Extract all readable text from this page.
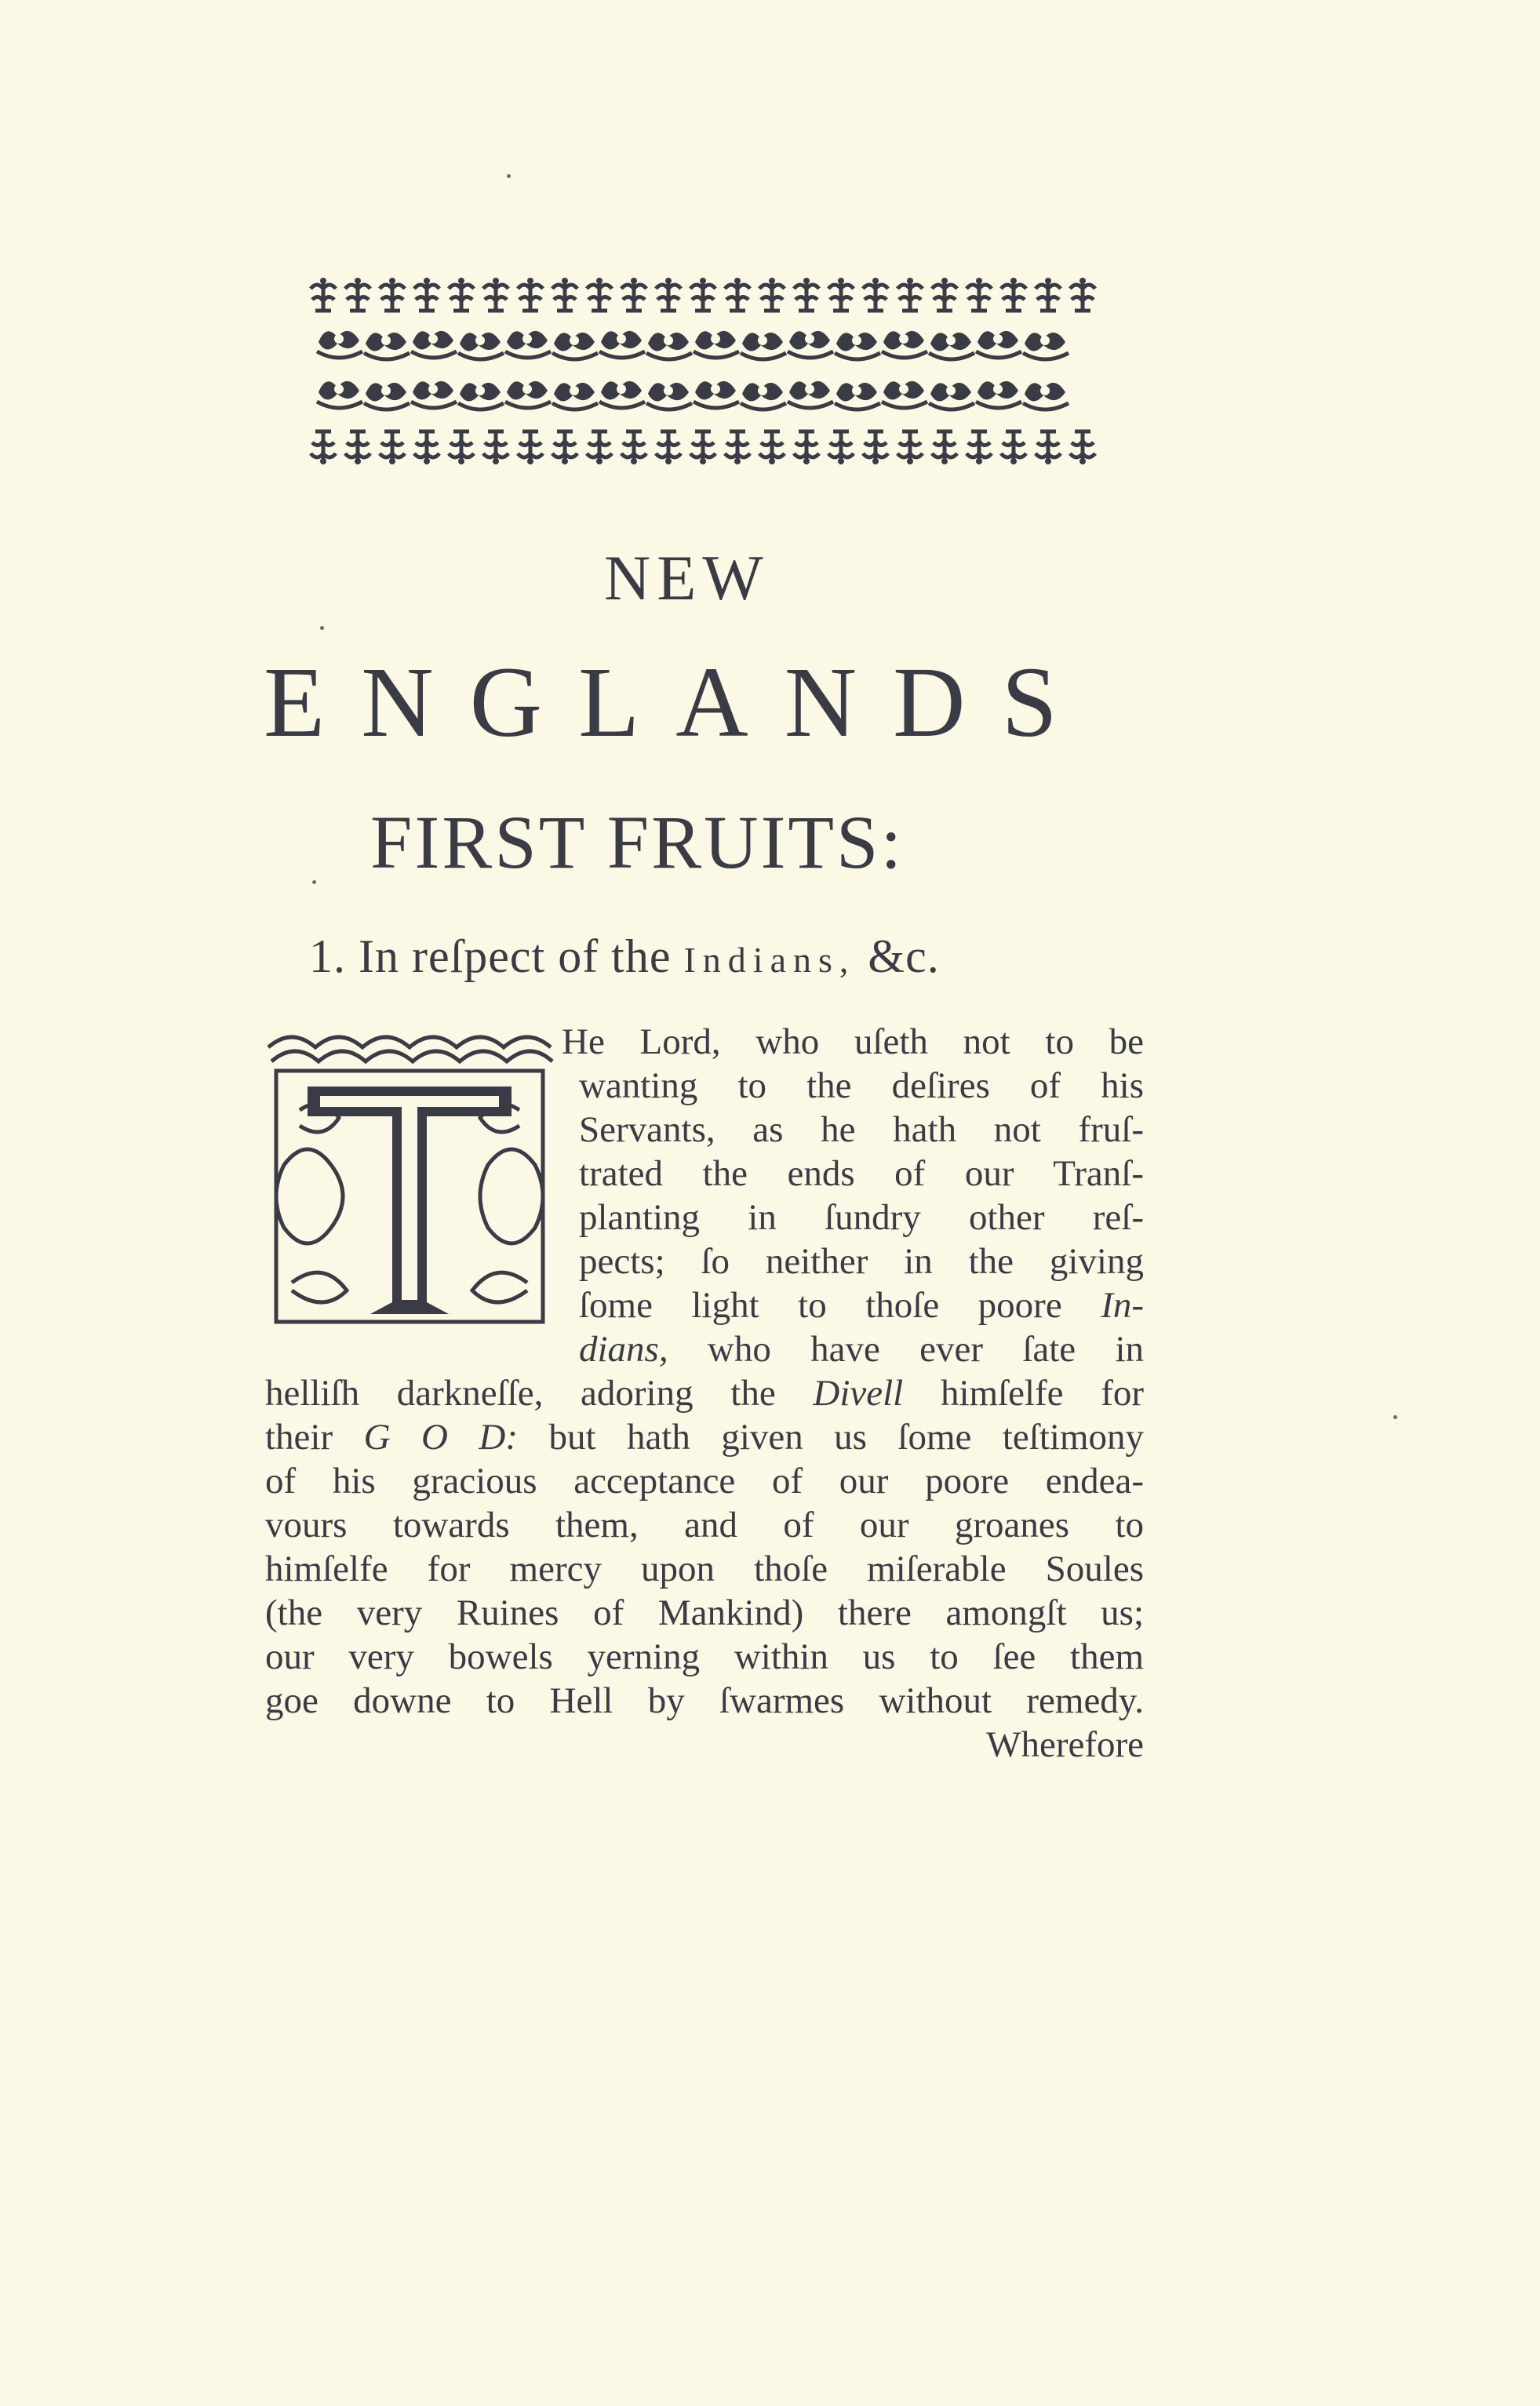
NEW
ENGLANDS
FIRST FRUITS:
1. In reſpect of the Indians, &c.
He Lord, who uſeth not to be
wanting to the deſires of his
Servants, as he hath not fruſ-
trated the ends of our Tranſ-
planting in ſundry other reſ-
pects; ſo neither in the giving
ſome light to thoſe poore In-
dians, who have ever ſate in
helliſh darkneſſe, adoring the Divell himſelfe for
their G O D: but hath given us ſome teſtimony
of his gracious acceptance of our poore endea-
vours towards them, and of our groanes to
himſelfe for mercy upon thoſe miſerable Soules
(the very Ruines of Mankind) there amongſt us;
our very bowels yerning within us to ſee them
goe downe to Hell by ſwarmes without remedy.
Wherefore
